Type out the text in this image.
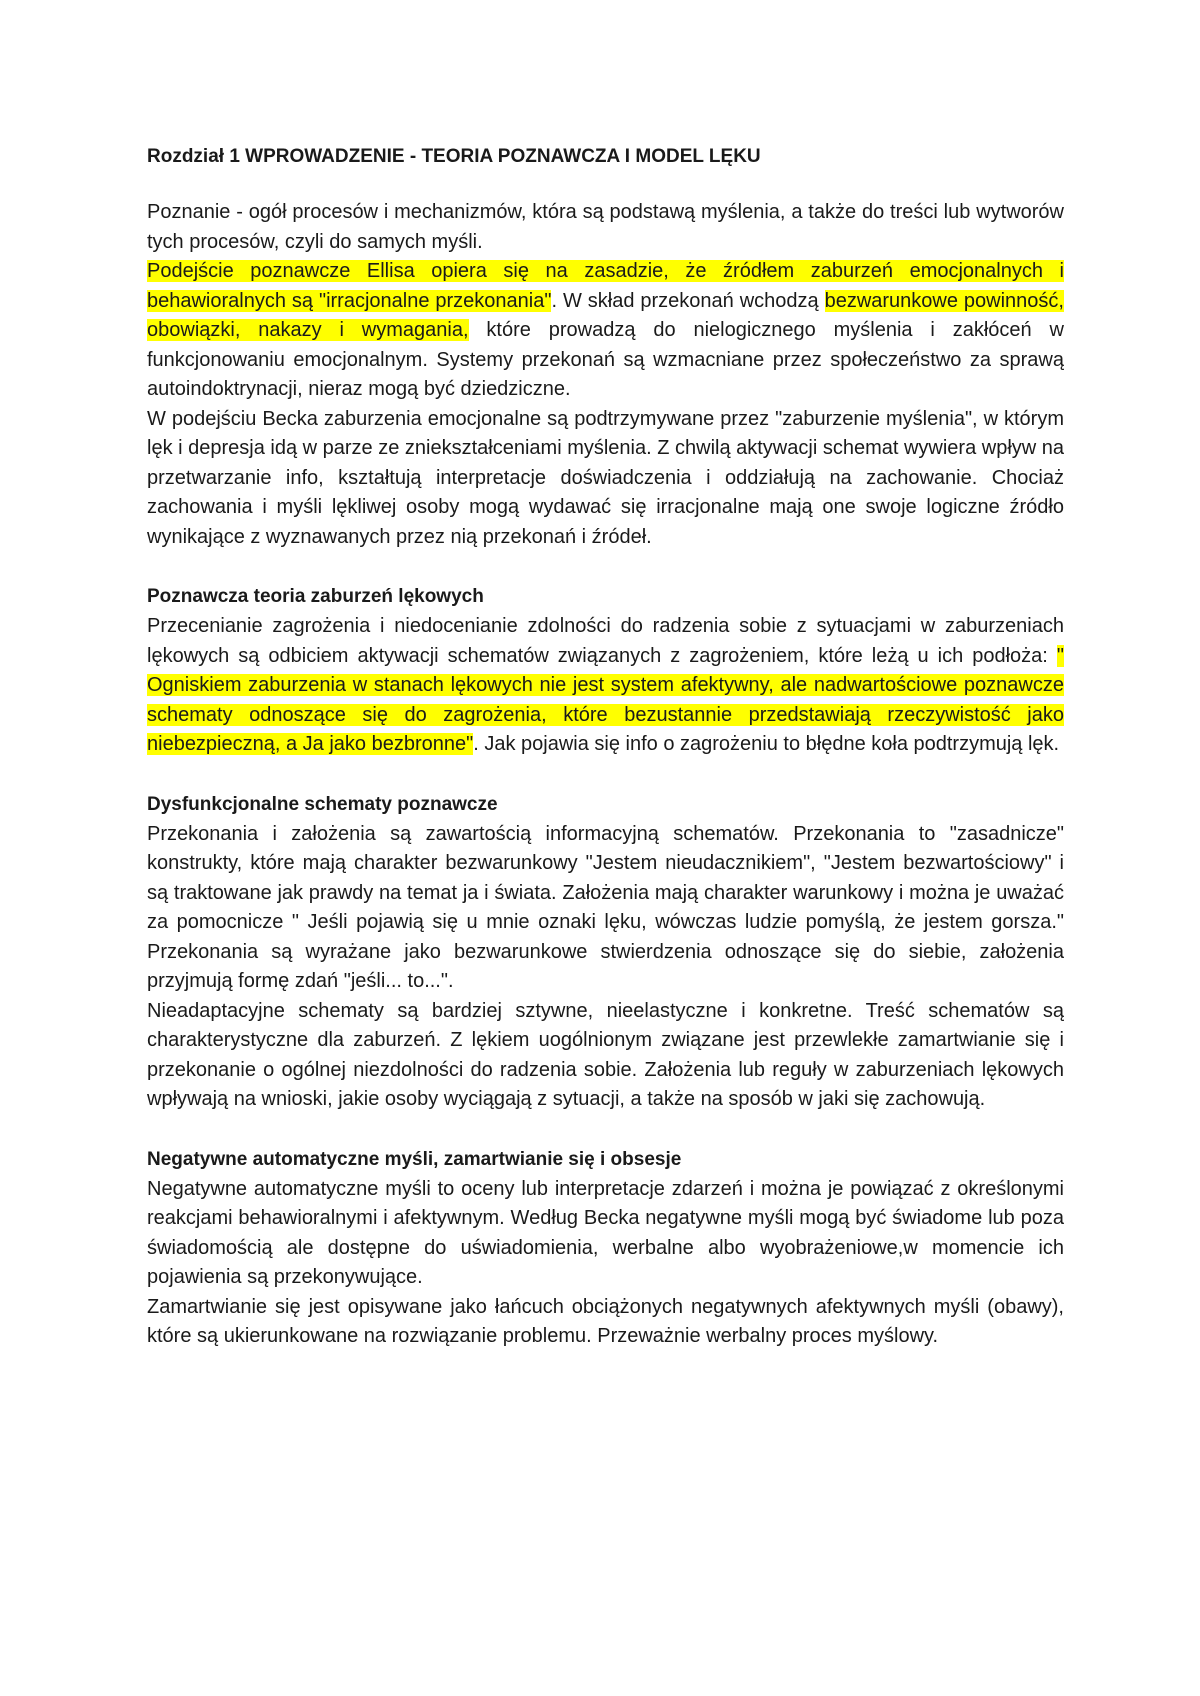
Rozdział 1 WPROWADZENIE - TEORIA POZNAWCZA I MODEL LĘKU

Poznanie - ogół procesów i mechanizmów, która są podstawą myślenia, a także do treści lub wytworów tych procesów, czyli do samych myśli.

Podejście poznawcze Ellisa opiera się na zasadzie, że źródłem zaburzeń emocjonalnych i behawioralnych są "irracjonalne przekonania". W skład przekonań wchodzą bezwarunkowe powinność, obowiązki, nakazy i wymagania, które prowadzą do nielogicznego myślenia i zakłóceń w funkcjonowaniu emocjonalnym. Systemy przekonań są wzmacniane przez społeczeństwo za sprawą autoindoktrynacji, nieraz mogą być dziedziczne.

W podejściu Becka zaburzenia emocjonalne są podtrzymywane przez "zaburzenie myślenia", w którym lęk i depresja idą w parze ze zniekształceniami myślenia. Z chwilą aktywacji schemat wywiera wpływ na przetwarzanie info, kształtują interpretacje doświadczenia i oddziałują na zachowanie. Chociaż zachowania i myśli lękliwej osoby mogą wydawać się irracjonalne mają one swoje logiczne źródło wynikające z wyznawanych przez nią przekonań i źródeł.

Poznawcza teoria zaburzeń lękowych

Przecenianie zagrożenia i niedocenianie zdolności do radzenia sobie z sytuacjami w zaburzeniach lękowych są odbiciem aktywacji schematów związanych z zagrożeniem, które leżą u ich podłoża: " Ogniskiem zaburzenia w stanach lękowych nie jest system afektywny, ale nadwartościowe poznawcze schematy odnoszące się do zagrożenia, które bezustannie przedstawiają rzeczywistość jako niebezpieczną, a Ja jako bezbronne". Jak pojawia się info o zagrożeniu to błędne koła podtrzymują lęk.

Dysfunkcjonalne schematy poznawcze

Przekonania i założenia są zawartością informacyjną schematów. Przekonania to "zasadnicze" konstrukty, które mają charakter bezwarunkowy "Jestem nieudacznikiem", "Jestem bezwartościowy" i są traktowane jak prawdy na temat ja i świata. Założenia mają charakter warunkowy i można je uważać za pomocnicze " Jeśli pojawią się u mnie oznaki lęku, wówczas ludzie pomyślą, że jestem gorsza." Przekonania są wyrażane jako bezwarunkowe stwierdzenia odnoszące się do siebie, założenia przyjmują formę zdań "jeśli... to...".

Nieadaptacyjne schematy są bardziej sztywne, nieelastyczne i konkretne. Treść schematów są charakterystyczne dla zaburzeń. Z lękiem uogólnionym związane jest przewlekłe zamartwianie się i przekonanie o ogólnej niezdolności do radzenia sobie. Założenia lub reguły w zaburzeniach lękowych wpływają na wnioski, jakie osoby wyciągają z sytuacji, a także na sposób w jaki się zachowują.

Negatywne automatyczne myśli, zamartwianie się i obsesje

Negatywne automatyczne myśli to oceny lub interpretacje zdarzeń i można je powiązać z określonymi reakcjami behawioralnymi i afektywnym. Według Becka negatywne myśli mogą być świadome lub poza świadomością ale dostępne do uświadomienia, werbalne albo wyobrażeniowe,w momencie ich pojawienia są przekonywujące.

Zamartwianie się jest opisywane jako łańcuch obciążonych negatywnych afektywnych myśli (obawy), które są ukierunkowane na rozwiązanie problemu. Przeważnie werbalny proces myślowy.
